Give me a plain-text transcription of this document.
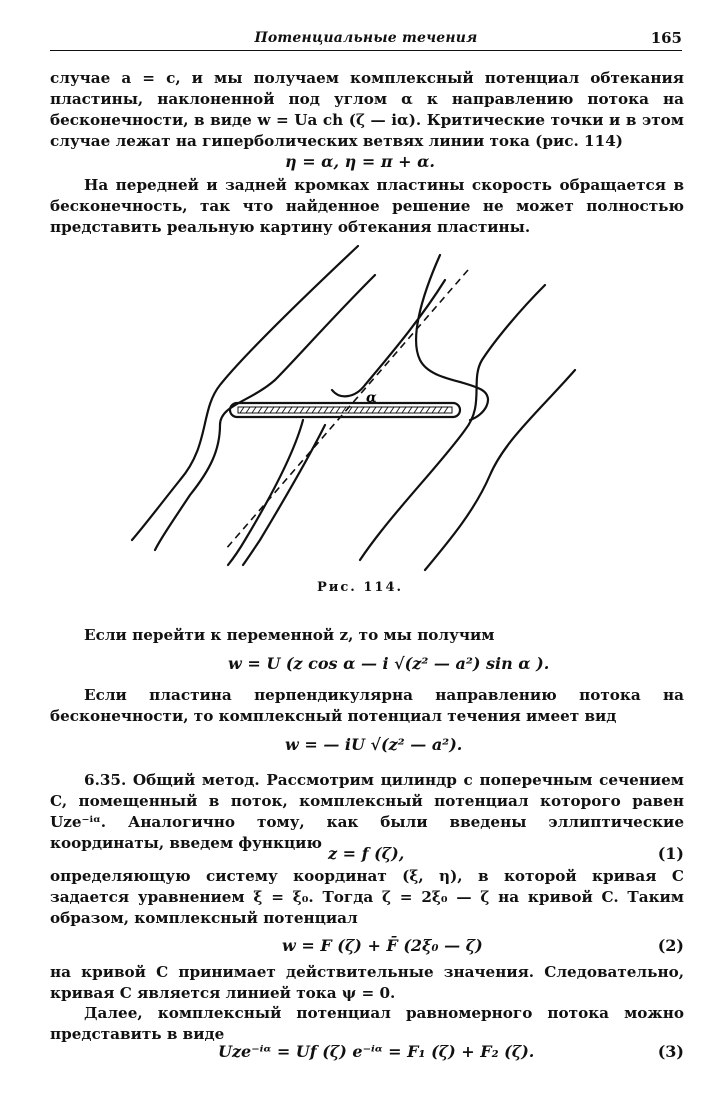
Потенциальные течения	165
случае a = c, и мы получаем комплексный потенциал обтекания пластины, наклоненной под углом α к направлению потока на бесконечности, в виде w = Ua ch (ζ — iα). Критические точки и в этом случае лежат на гиперболических ветвях линии тока (рис. 114)
η = α, η = π + α.
На передней и задней кромках пластины скорость обращается в бесконечность, так что найденное решение не может полностью представить реальную картину обтекания пластины.
α
Рис. 114.
Если перейти к переменной z, то мы получим
w = U (z cos α — i √(z² — a²) sin α ).
Если пластина перпендикулярна направлению потока на бесконечности, то комплексный потенциал течения имеет вид
w = — iU √(z² — a²).
6.35. Общий метод. Рассмотрим цилиндр с поперечным сечением C, помещенный в поток, комплексный потенциал которого равен Uze⁻ⁱᵅ. Аналогично тому, как были введены эллиптические координаты, введем функцию
z = f (ζ),	(1)
определяющую систему координат (ξ, η), в которой кривая C задается уравнением ξ = ξ₀. Тогда ζ = 2ξ₀ — ζ на кривой C. Таким образом, комплексный потенциал
w = F (ζ) + F̄ (2ξ₀ — ζ)	(2)
на кривой C принимает действительные значения. Следовательно, кривая C является линией тока ψ = 0.
Далее, комплексный потенциал равномерного потока можно представить в виде
Uze⁻ⁱᵅ = Uf (ζ) e⁻ⁱᵅ = F₁ (ζ) + F₂ (ζ).	(3)
